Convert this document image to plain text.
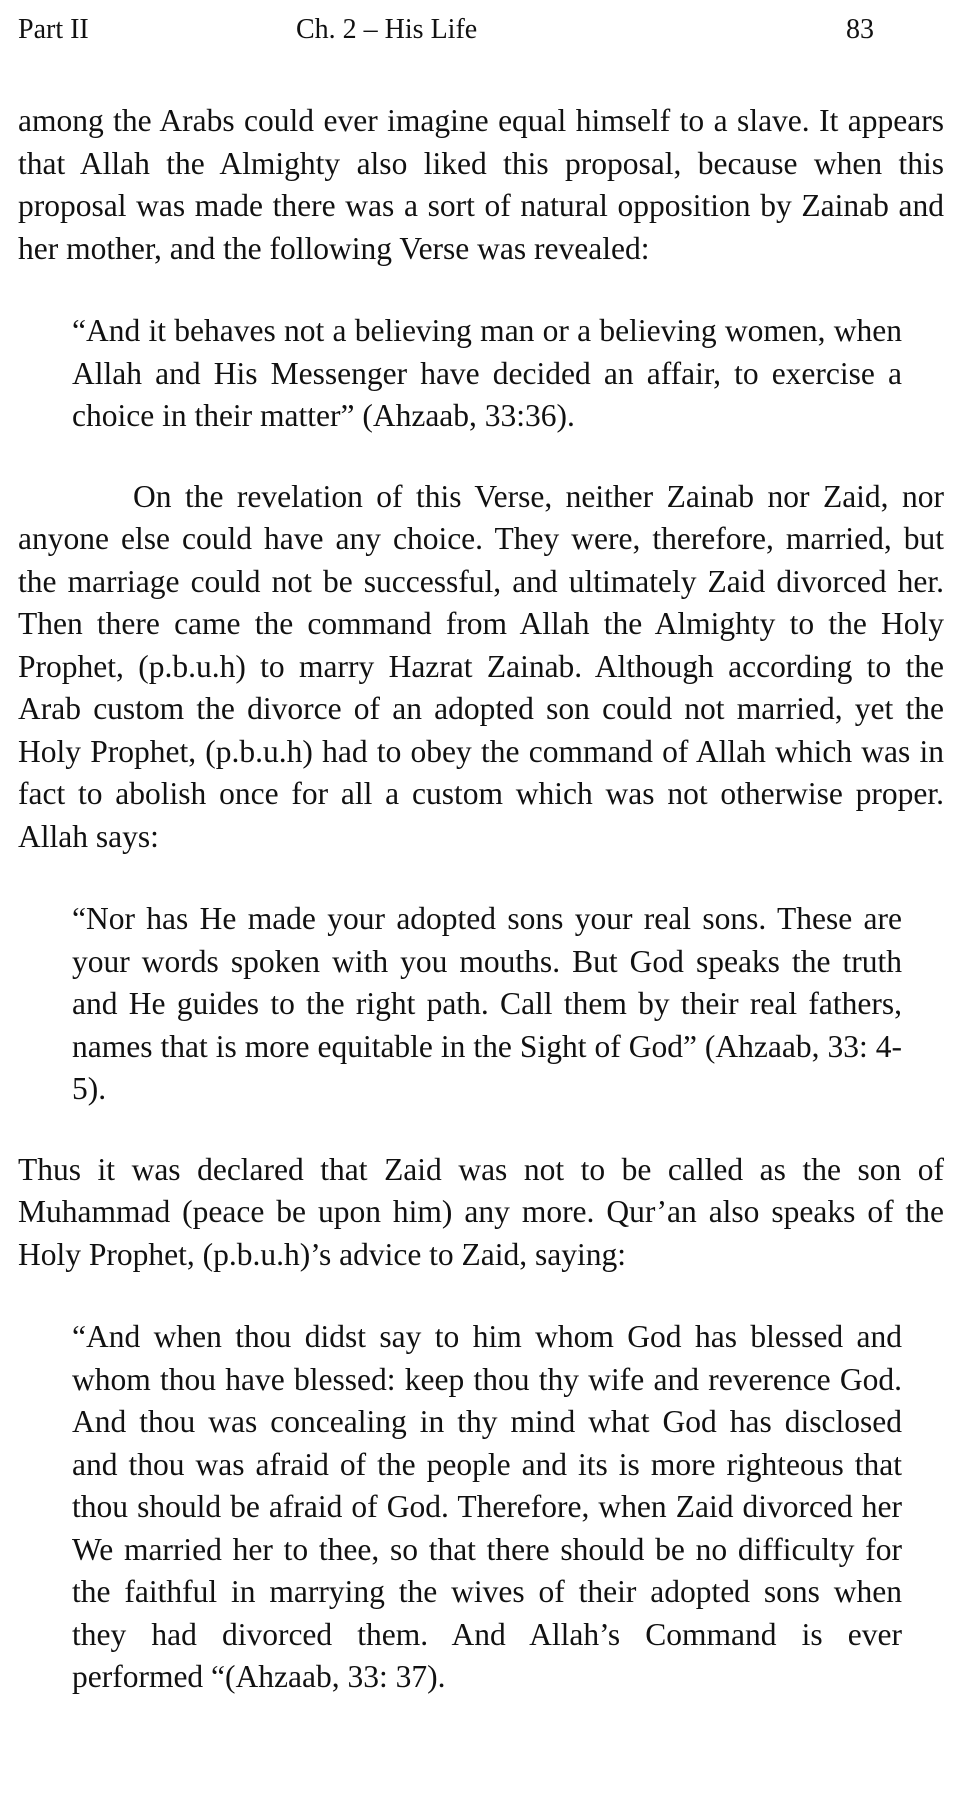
Part II	Ch. 2 – His Life	83

among the Arabs could ever imagine equal himself to a slave. It appears that Allah the Almighty also liked this proposal, because when this proposal was made there was a sort of natural opposition by Zainab and her mother, and the following Verse was revealed:

“And it behaves not a believing man or a believing women, when Allah and His Messenger have decided an affair, to exercise a choice in their matter” (Ahzaab, 33:36).

On the revelation of this Verse, neither Zainab nor Zaid, nor anyone else could have any choice. They were, therefore, married, but the marriage could not be successful, and ultimately Zaid divorced her. Then there came the command from Allah the Almighty to the Holy Prophet, (p.b.u.h) to marry Hazrat Zainab. Although according to the Arab custom the divorce of an adopted son could not married, yet the Holy Prophet, (p.b.u.h) had to obey the command of Allah which was in fact to abolish once for all a custom which was not otherwise proper. Allah says:

“Nor has He made your adopted sons your real sons. These are your words spoken with you mouths. But God speaks the truth and He guides to the right path. Call them by their real fathers, names that is more equitable in the Sight of God” (Ahzaab, 33: 4-5).

Thus it was declared that Zaid was not to be called as the son of Muhammad (peace be upon him) any more. Qur’an also speaks of the Holy Prophet, (p.b.u.h)’s advice to Zaid, saying:

“And when thou didst say to him whom God has blessed and whom thou have blessed: keep thou thy wife and reverence God. And thou was concealing in thy mind what God has disclosed and thou was afraid of the people and its is more righteous that thou should be afraid of God. Therefore, when Zaid divorced her We married her to thee, so that there should be no difficulty for the faithful in marrying the wives of their adopted sons when they had divorced them. And Allah’s Command is ever performed “(Ahzaab, 33: 37).
